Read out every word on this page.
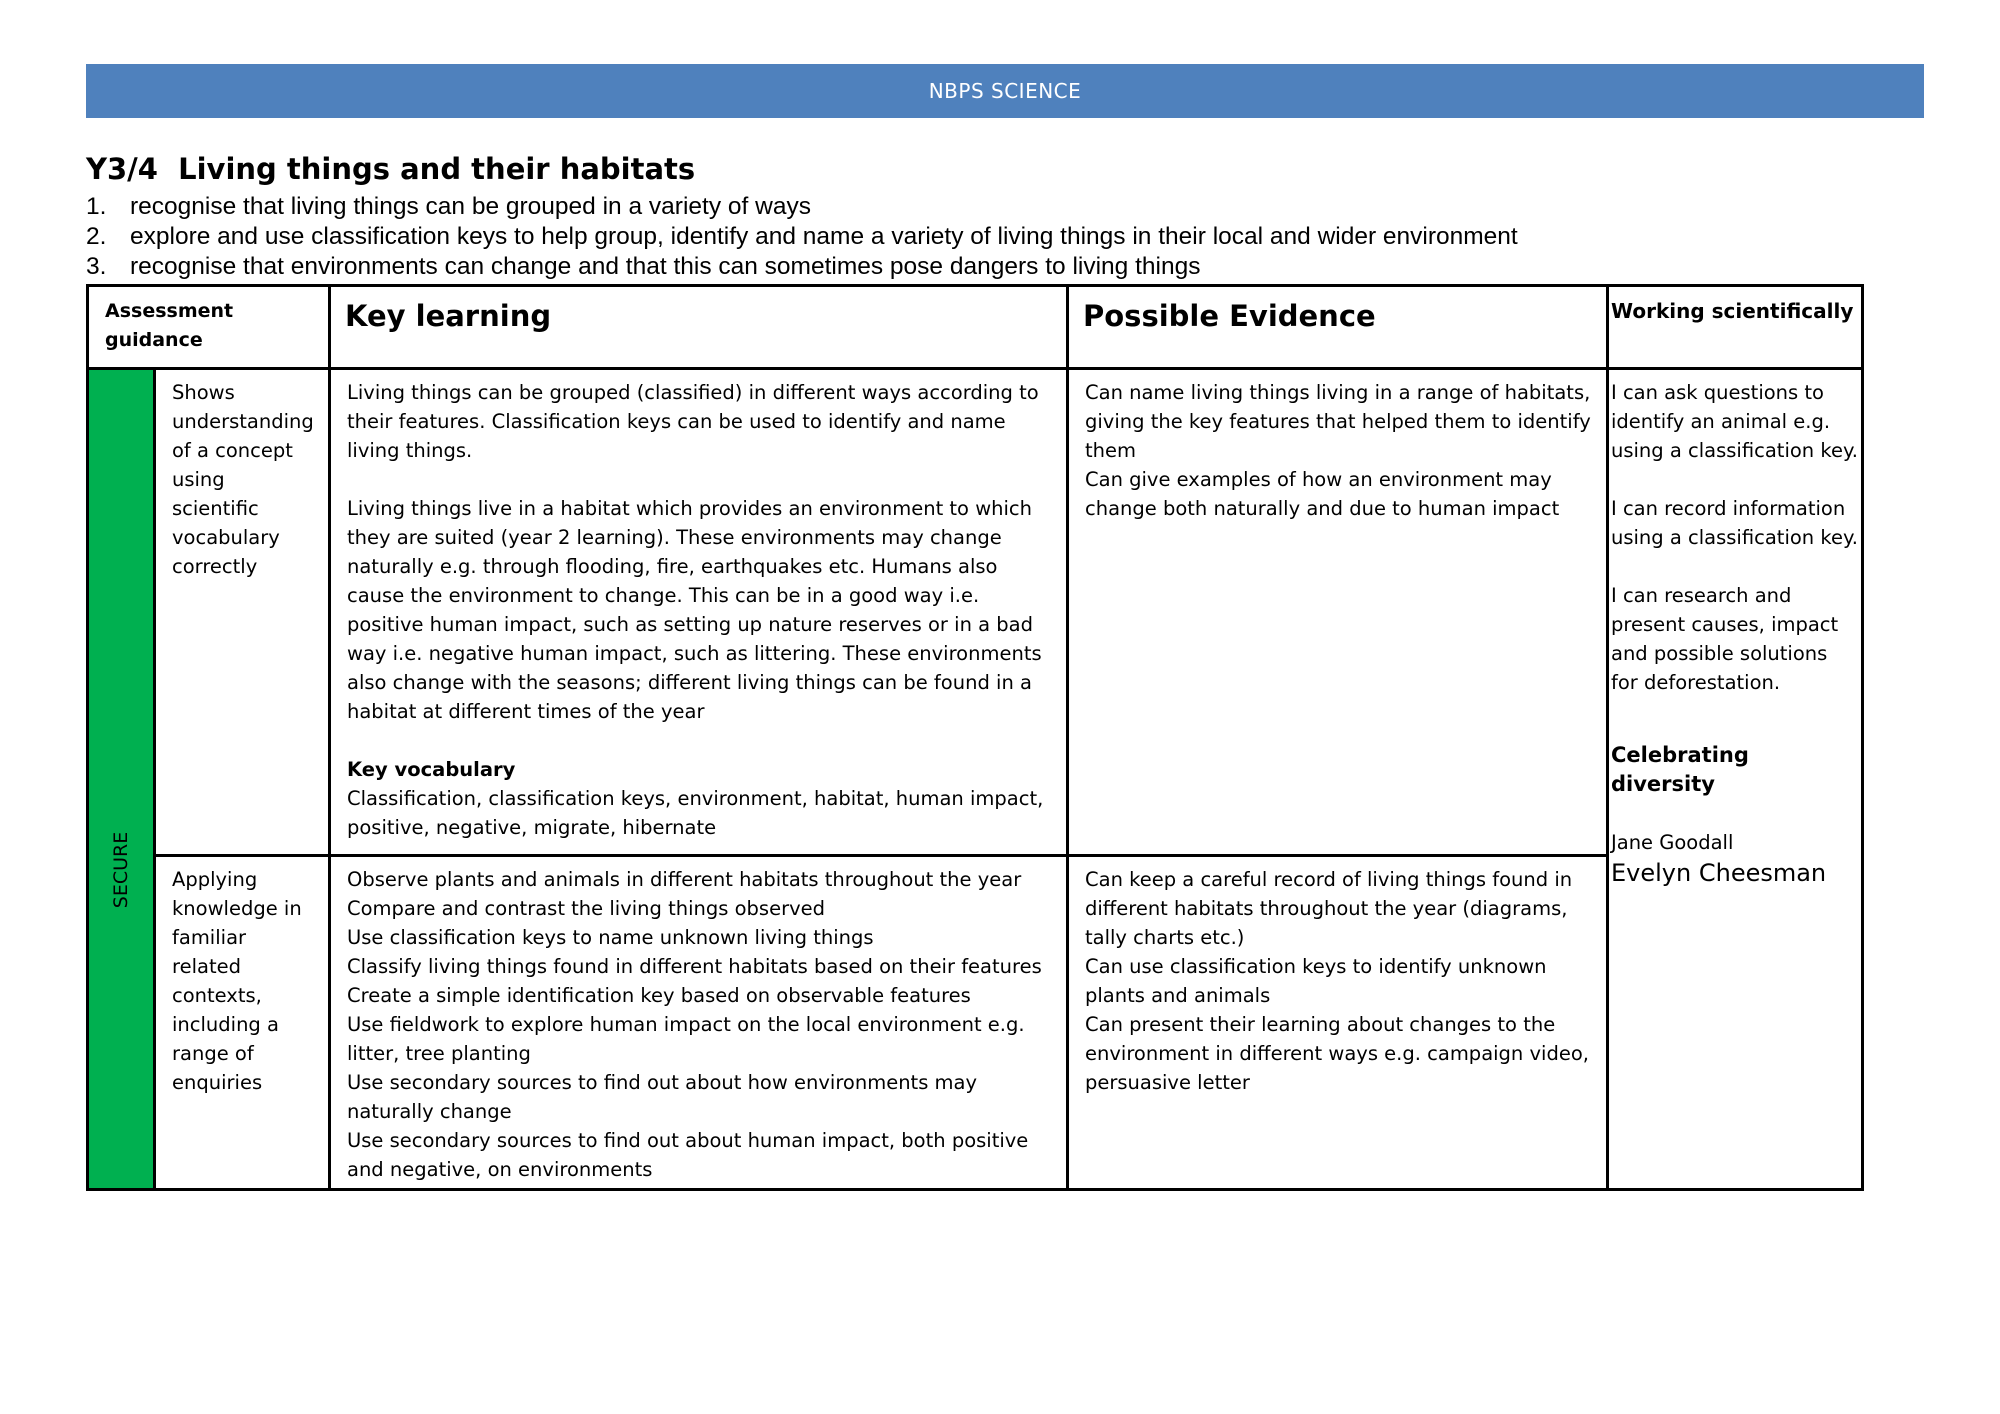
NBPS SCIENCE
Y3/4  Living things and their habitats
1. recognise that living things can be grouped in a variety of ways
2. explore and use classification keys to help group, identify and name a variety of living things in their local and wider environment
3. recognise that environments can change and that this can sometimes pose dangers to living things
SECURE
Assessment guidance
Key learning	Possible Evidence	Working scientifically
Shows understanding of a concept using scientific vocabulary correctly

Living things can be grouped (classified) in different ways according to their features. Classification keys can be used to identify and name living things.

Living things live in a habitat which provides an environment to which they are suited (year 2 learning). These environments may change naturally e.g. through flooding, fire, earthquakes etc. Humans also cause the environment to change. This can be in a good way i.e. positive human impact, such as setting up nature reserves or in a bad way i.e. negative human impact, such as littering. These environments also change with the seasons; different living things can be found in a habitat at different times of the year

Key vocabulary
Classification, classification keys, environment, habitat, human impact, positive, negative, migrate, hibernate
Can name living things living in a range of habitats, giving the key features that helped them to identify them
Can give examples of how an environment may change both naturally and due to human impact
Applying knowledge in familiar related contexts, including a range of enquiries
Observe plants and animals in different habitats throughout the year
Compare and contrast the living things observed
Use classification keys to name unknown living things
Classify living things found in different habitats based on their features
Create a simple identification key based on observable features
Use fieldwork to explore human impact on the local environment e.g. litter, tree planting
Use secondary sources to find out about how environments may naturally change
Use secondary sources to find out about human impact, both positive and negative, on environments
Can keep a careful record of living things found in different habitats throughout the year (diagrams, tally charts etc.)
Can use classification keys to identify unknown plants and animals
Can present their learning about changes to the environment in different ways e.g. campaign video, persuasive letter

I can ask questions to identify an animal e.g. using a classification key.

I can record information using a classification key.

I can research and present causes, impact and possible solutions for deforestation.

Celebrating diversity
Jane Goodall
Evelyn Cheesman
